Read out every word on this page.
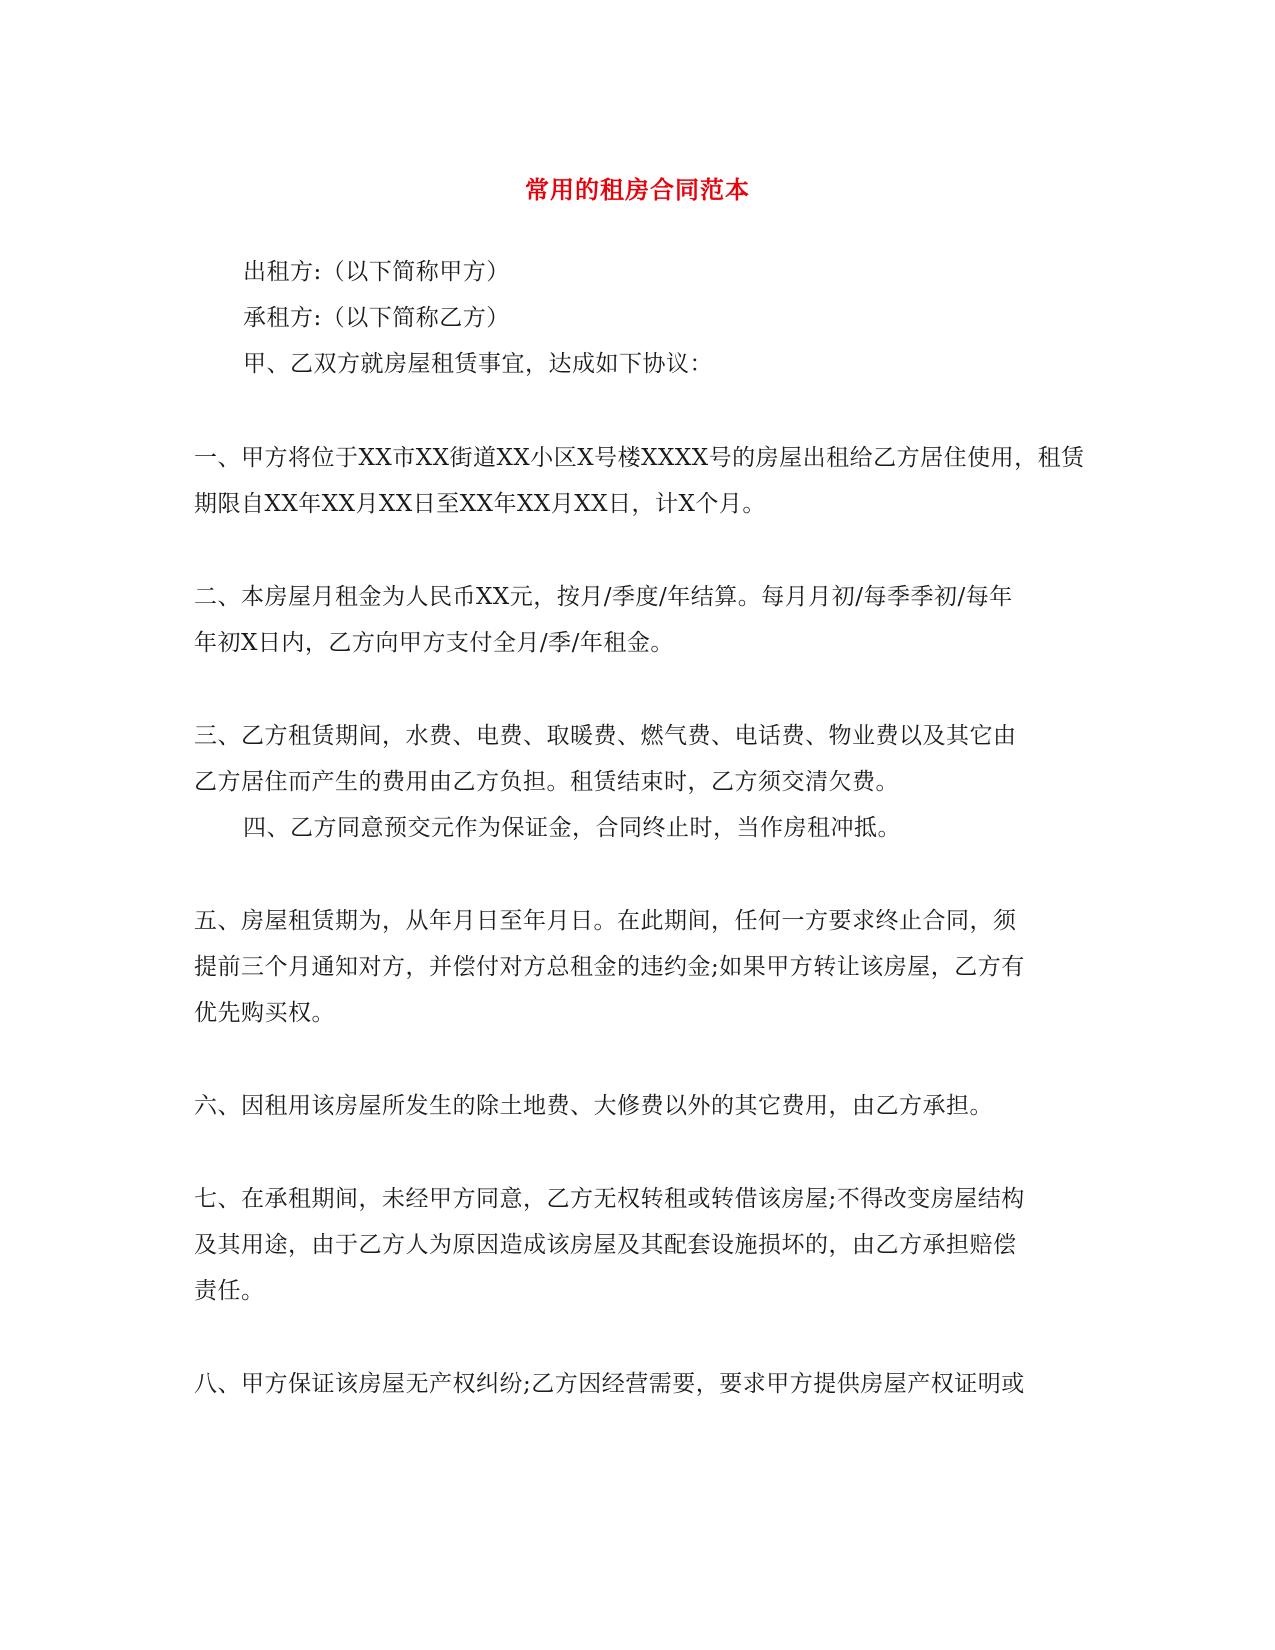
常用的租房合同范本
出租方:（以下简称甲方）
承租方:（以下简称乙方）
甲、乙双方就房屋租赁事宜，达成如下协议：
一、甲方将位于XX市XX街道XX小区X号楼XXXX号的房屋出租给乙方居住使用，租赁
期限自XX年XX月XX日至XX年XX月XX日，计X个月。
二、本房屋月租金为人民币XX元，按月/季度/年结算。每月月初/每季季初/每年
年初X日内，乙方向甲方支付全月/季/年租金。
三、乙方租赁期间，水费、电费、取暖费、燃气费、电话费、物业费以及其它由
乙方居住而产生的费用由乙方负担。租赁结束时，乙方须交清欠费。
四、乙方同意预交元作为保证金，合同终止时，当作房租冲抵。
五、房屋租赁期为，从年月日至年月日。在此期间，任何一方要求终止合同，须
提前三个月通知对方，并偿付对方总租金的违约金;如果甲方转让该房屋，乙方有
优先购买权。
六、因租用该房屋所发生的除土地费、大修费以外的其它费用，由乙方承担。
七、在承租期间，未经甲方同意，乙方无权转租或转借该房屋;不得改变房屋结构
及其用途，由于乙方人为原因造成该房屋及其配套设施损坏的，由乙方承担赔偿
责任。
八、甲方保证该房屋无产权纠纷;乙方因经营需要，要求甲方提供房屋产权证明或
